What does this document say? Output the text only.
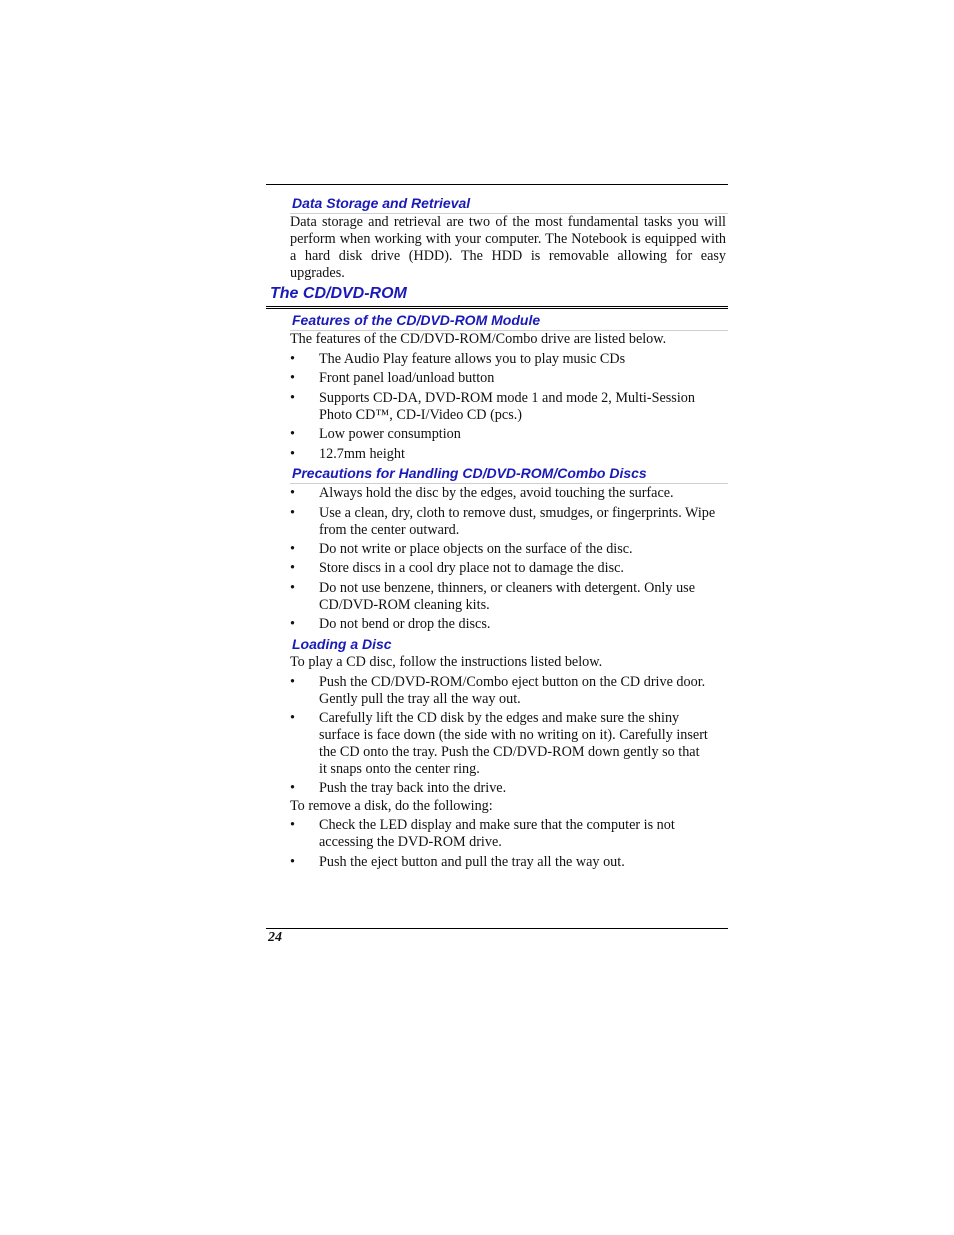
Data Storage and Retrieval
Data storage and retrieval are two of the most fundamental tasks you will perform when working with your computer. The Notebook is equipped with a hard disk drive (HDD). The HDD is removable allowing for easy upgrades.
The CD/DVD-ROM
Features of the CD/DVD-ROM Module
The features of the CD/DVD-ROM/Combo drive are listed below.
•	The Audio Play feature allows you to play music CDs
•	Front panel load/unload button
•	Supports CD-DA, DVD-ROM mode 1 and mode 2, Multi-Session Photo CD™, CD-I/Video CD (pcs.)
•	Low power consumption
•	12.7mm height
Precautions for Handling CD/DVD-ROM/Combo Discs
•	Always hold the disc by the edges, avoid touching the surface.
•	Use a clean, dry, cloth to remove dust, smudges, or fingerprints. Wipe from the center outward.
•	Do not write or place objects on the surface of the disc.
•	Store discs in a cool dry place not to damage the disc.
•	Do not use benzene, thinners, or cleaners with detergent. Only use CD/DVD-ROM cleaning kits.
•	Do not bend or drop the discs.
Loading a Disc
To play a CD disc, follow the instructions listed below.
•	Push the CD/DVD-ROM/Combo eject button on the CD drive door. Gently pull the tray all the way out.
•	Carefully lift the CD disk by the edges and make sure the shiny surface is face down (the side with no writing on it). Carefully insert the CD onto the tray. Push the CD/DVD-ROM down gently so that it snaps onto the center ring.
•	Push the tray back into the drive.
To remove a disk, do the following:
•	Check the LED display and make sure that the computer is not accessing the DVD-ROM drive.
•	Push the eject button and pull the tray all the way out.
24
